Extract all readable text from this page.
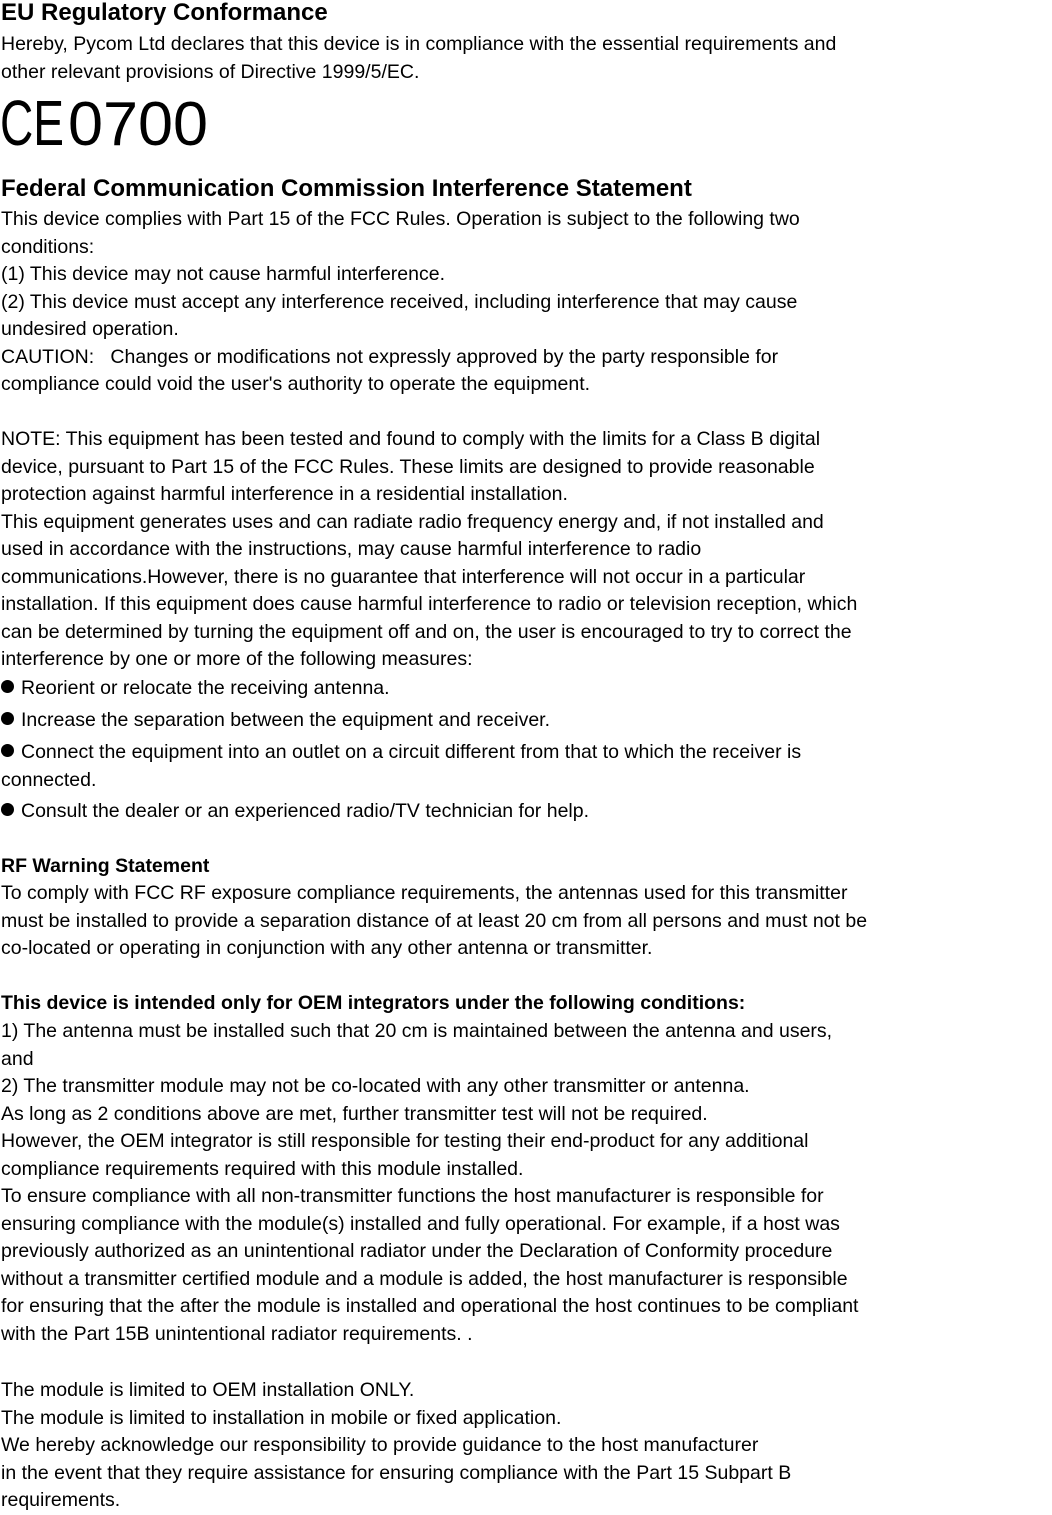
EU Regulatory Conformance
Hereby, Pycom Ltd declares that this device is in compliance with the essential requirements and
other relevant provisions of Directive 1999/5/EC.
CE 0700
Federal Communication Commission Interference Statement
This device complies with Part 15 of the FCC Rules. Operation is subject to the following two
conditions:
(1) This device may not cause harmful interference.
(2) This device must accept any interference received, including interference that may cause
undesired operation.
CAUTION:   Changes or modifications not expressly approved by the party responsible for
compliance could void the user's authority to operate the equipment.
NOTE: This equipment has been tested and found to comply with the limits for a Class B digital
device, pursuant to Part 15 of the FCC Rules. These limits are designed to provide reasonable
protection against harmful interference in a residential installation.
This equipment generates uses and can radiate radio frequency energy and, if not installed and
used in accordance with the instructions, may cause harmful interference to radio
communications.However, there is no guarantee that interference will not occur in a particular
installation. If this equipment does cause harmful interference to radio or television reception, which
can be determined by turning the equipment off and on, the user is encouraged to try to correct the
interference by one or more of the following measures:
Reorient or relocate the receiving antenna.
Increase the separation between the equipment and receiver.
Connect the equipment into an outlet on a circuit different from that to which the receiver is
connected.
Consult the dealer or an experienced radio/TV technician for help.
RF Warning Statement
To comply with FCC RF exposure compliance requirements, the antennas used for this transmitter
must be installed to provide a separation distance of at least 20 cm from all persons and must not be
co-located or operating in conjunction with any other antenna or transmitter.
This device is intended only for OEM integrators under the following conditions:
1) The antenna must be installed such that 20 cm is maintained between the antenna and users,
and
2) The transmitter module may not be co-located with any other transmitter or antenna.
As long as 2 conditions above are met, further transmitter test will not be required.
However, the OEM integrator is still responsible for testing their end-product for any additional
compliance requirements required with this module installed.
To ensure compliance with all non-transmitter functions the host manufacturer is responsible for
ensuring compliance with the module(s) installed and fully operational. For example, if a host was
previously authorized as an unintentional radiator under the Declaration of Conformity procedure
without a transmitter certified module and a module is added, the host manufacturer is responsible
for ensuring that the after the module is installed and operational the host continues to be compliant
with the Part 15B unintentional radiator requirements. .
The module is limited to OEM installation ONLY.
The module is limited to installation in mobile or fixed application.
We hereby acknowledge our responsibility to provide guidance to the host manufacturer
in the event that they require assistance for ensuring compliance with the Part 15 Subpart B
requirements.
